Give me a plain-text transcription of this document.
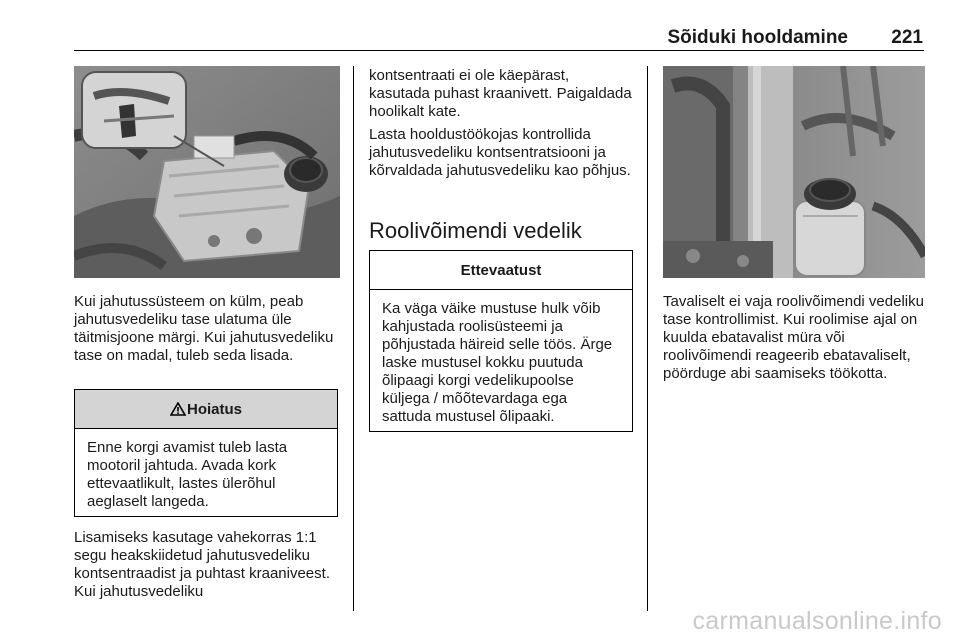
Sõiduki hooldamine 221

Kui jahutussüsteem on külm, peab jahutusvedeliku tase ulatuma üle täitmisjoone märgi. Kui jahutusvedeliku tase on madal, tuleb seda lisada.

Hoiatus
Enne korgi avamist tuleb lasta mootoril jahtuda. Avada kork ettevaatlikult, lastes ülerõhul aeglaselt langeda.

Lisamiseks kasutage vahekorras 1:1 segu heakskiidetud jahutusvedeliku kontsentraadist ja puhtast kraaniveest. Kui jahutusvedeliku

kontsentraati ei ole käepärast, kasutada puhast kraanivett. Paigaldada hoolikalt kate.

Lasta hooldustöökojas kontrollida jahutusvedeliku kontsentratsiooni ja kõrvaldada jahutusvedeliku kao põhjus.

Roolivõimendi vedelik
Ettevaatust
Ka väga väike mustuse hulk võib kahjustada roolisüsteemi ja põhjustada häireid selle töös. Ärge laske mustusel kokku puutuda õlipaagi korgi vedelikupoolse küljega / mõõtevardaga ega sattuda mustusel õlipaaki.

Tavaliselt ei vaja roolivõimendi vedeliku tase kontrollimist. Kui roolimise ajal on kuulda ebatavalist müra või roolivõimendi reageerib ebatavaliselt, pöörduge abi saamiseks töökotta.

carmanualsonline.info
